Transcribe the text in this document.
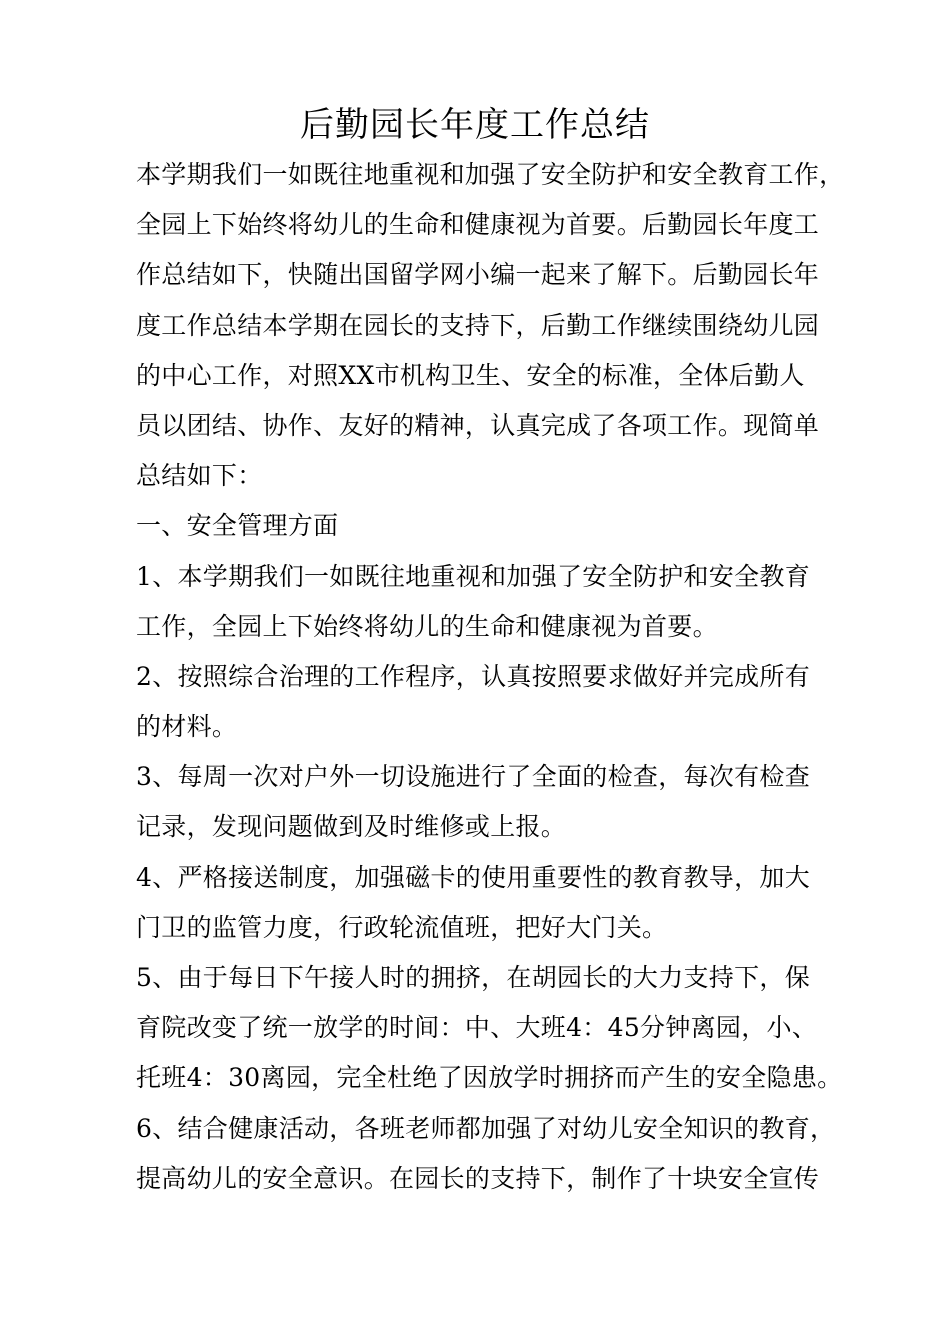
后勤园长年度工作总结
本学期我们一如既往地重视和加强了安全防护和安全教育工作，
全园上下始终将幼儿的生命和健康视为首要。后勤园长年度工
作总结如下，快随出国留学网小编一起来了解下。后勤园长年
度工作总结本学期在园长的支持下，后勤工作继续围绕幼儿园
的中心工作，对照XX市机构卫生、安全的标准，全体后勤人
员以团结、协作、友好的精神，认真完成了各项工作。现简单
总结如下：
一、安全管理方面
1、本学期我们一如既往地重视和加强了安全防护和安全教育
工作，全园上下始终将幼儿的生命和健康视为首要。
2、按照综合治理的工作程序，认真按照要求做好并完成所有
的材料。
3、每周一次对户外一切设施进行了全面的检查，每次有检查
记录，发现问题做到及时维修或上报。
4、严格接送制度，加强磁卡的使用重要性的教育教导，加大
门卫的监管力度，行政轮流值班，把好大门关。
5、由于每日下午接人时的拥挤，在胡园长的大力支持下，保
育院改变了统一放学的时间：中、大班4：45分钟离园，小、
托班4：30离园，完全杜绝了因放学时拥挤而产生的安全隐患。
6、结合健康活动，各班老师都加强了对幼儿安全知识的教育，
提高幼儿的安全意识。在园长的支持下，制作了十块安全宣传
